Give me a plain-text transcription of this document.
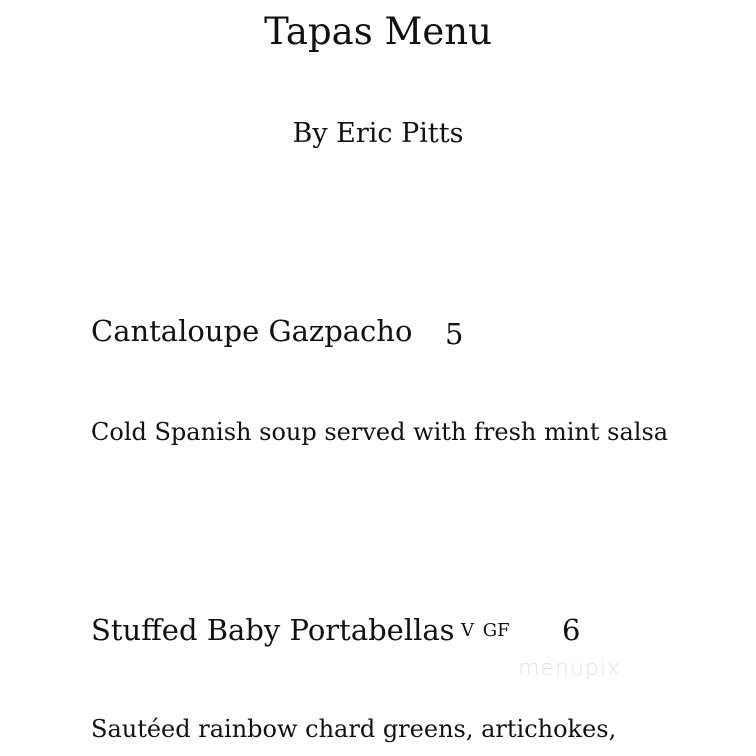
Tapas Menu
By Eric Pitts
Cantaloupe Gazpacho 5
Cold Spanish soup served with fresh mint salsa
Stuffed Baby Portabellas V GF 6
Sautéed rainbow chard greens, artichokes,
menupix
